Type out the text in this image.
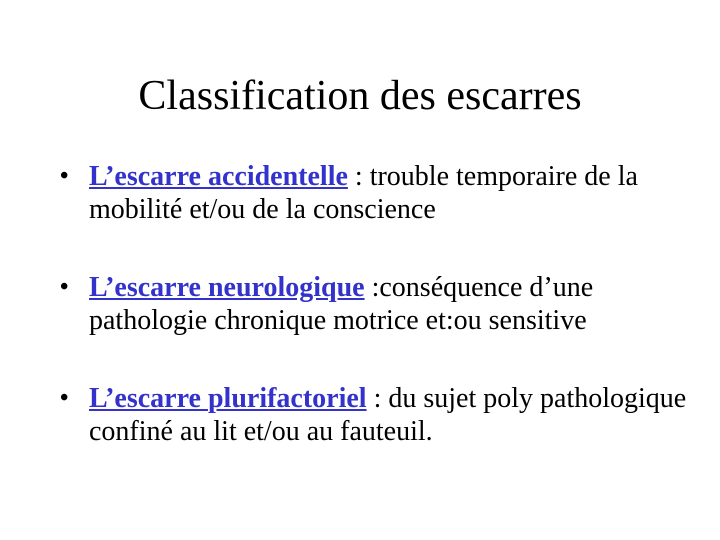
Classification des escarres
• L’escarre accidentelle : trouble temporaire de la mobilité et/ou de la conscience
• L’escarre neurologique :conséquence d’une pathologie chronique motrice et:ou sensitive
• L’escarre plurifactoriel : du sujet poly pathologique confiné au lit et/ou au fauteuil.
